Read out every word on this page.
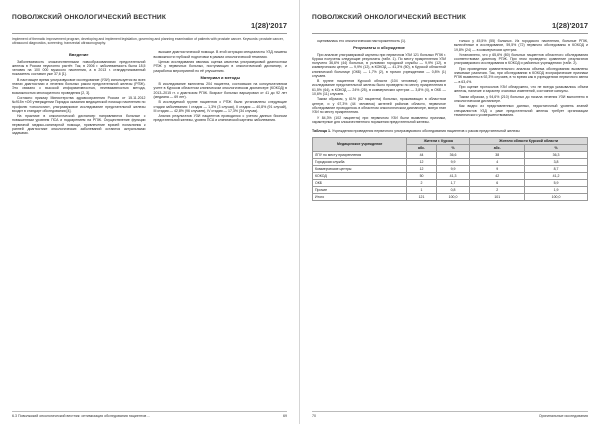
ПОВОЛЖСКИЙ ОНКОЛОГИЧЕСКИЙ ВЕСТНИК
1(28)'2017
implement of thematic improvement program, developing and implement legislation, governing and planning examination of patients with prostate cancer. Keywords: prostate cancer, ultrasound diagnostics, screening, transrectal ultrasonography.
Введение

Заболеваемость злокачественными новообразованиями предстательной железы в России неуклонно растёт. Так, в 2006 г. заболеваемость была 18,5 человек на 100 000 мужского населения, а в 2013 г. стандартизованный показатель составил уже 37,6 [1].

В настоящее время ультразвуковое исследование (УЗИ) используется во всех этапах диагностики и лечения больных раком предстательной железы (РПЖ). Это связано с высокой информативностью, неинвазивностью метода, возможностью многократного проведения [2, 3].

Согласно приказу Министерства здравоохранения России от 15.11.2012 №915н «Об утверждении Порядка оказания медицинской помощи населению по профилю «онкология», ультразвуковое исследование предстательной железы входит в стандарт обследования [4].

На практике в онкологической диспансер направляются больные с повышенным уровнем ПСА и подозрением на РПЖ. Осуществление функции первичной медико-санитарной помощи, привлечение врачей поликлиник к ранней диагностике онкологических заболеваний остаются актуальными задачами.

высшие диагностической помощи. В этой ситуации специалисты УЗД лишены возможности глубокой подготовки в рамках онкологической тематики.

Целью исследования явилась оценка качества ультразвуковой диагностики РПЖ у первичных больных, поступающих в онкологический диспансер, и разработка мероприятий по её улучшению.

Материал и методы

В исследование включены 204 пациента, состоявших на консультативном учете в Курском областном клиническом онкологическом диспансере (КОКОД) в 2013–2015 гг. с диагнозом РПЖ. Возраст больных варьировал от 41 до 92 лет (медиана — 69 лет).

В исследуемой группе пациентов с РПЖ были установлены следующие стадии заболевания: I стадия — 1,3% (3 случая), II стадия — 40,8% (91 случай), III стадия — 42,8% (96 случаев), IV стадия — 17,3% (34 случая).

Анализ результатов УЗИ пациентов проводился с учетом данных биопсии предстательной железы, уровня ПСА и клинической картины заболевания.

6.3 Поволжский онкологический вестник: оптимизация обследования пациентов ...	69
ПОВОЛЖСКИЙ ОНКОЛОГИЧЕСКИЙ ВЕСТНИК
1(28)'2017

оценивалась его онкологическая настороженность (1).

Результаты и обсуждение

При анализе ультразвуковой картины при первичном УЗИ 121 больных РПЖ г. Курска получены следующие результаты (табл. 1). По месту прикрепления УЗИ получено 36,6% (44) больных, в условиях городской службы — 9,9% (12), в коммерческом центре — 9,9% (12), в КОКОД — 41,3% (50), в Курской областной клинической больнице (ОКБ) — 1,7% (2), в прочих учреждениях — 0,8% (1) случаев.

В группе пациентов Курской области (104 человека) ультразвуковое исследование предстательной железы было проведено по месту прикрепления в 61,5% (64), в КОКОД — 24% (25), в коммерческих центрах — 3,8% (4), в ОКБ — 10,6% (11) случаев.

Таким образом, у 61% (62 пациента) больных, проживающих в областном центре, и у 67,3% (44 человека) жителей районов области, первичное обследование проводилось в областном онкологическом диспансере, минуя этап УЗИ по месту прикрепления.

У 84,3% (102 пациента) при первичном УЗИ были выявлены признаки, характерные для злокачественного поражения предстательной железы.

только у 45,5% (55) больных. Из городского населения, больные РПЖ, включённые в исследование, 59,5% (72) первично обследованы в КОКОД и 19,8% (24) — в коммерческих центрах.

Установлено, что у 65,6% (80) больных пациентов областного обследования соответствовал диагнозу РПЖ. При этом проведено сравнение результатов ультразвукового исследования в КОКОД и районных учреждениях (табл. 2).

При проведении сравнительного анализа объема обследования выявлены значимые различия. Так, при обследовании в КОКОД эхографические признаки РПЖ выявлены в 92,3% случаев, в то время как в учреждениях первичного звена — в 63,4%.

При оценке протоколов УЗИ обнаружено, что не всегда указывались объем железы, наличие и характер очаговых изменений, состояние капсулы.

Таким образом, у 94,6% (210) больных до начала лечения УЗИ выполнено в онкологическом диспансере.

Как видно из представленных данных, недостаточный уровень знаний специалистов УЗД о раке предстательной железы требует организации тематического усовершенствования.

Таблица 1. Учреждения проведения первичного ультразвукового обследования пациентов с раком предстательной железы
Медицинское учреждение	Жители г. Курска		Жители области Курской области	
	абс.	%	абс.	%
ЛПУ по месту прикрепления	44	36,6	38	36,3
Городская служба	12	9,9	4	3,8
Коммерческие центры	12	9,9	9	8,7
КОКОД	50	41,3	42	41,2
ОКБ	2	1,7	6	5,9
Прочие	1	0,8	2	1,9
Итого	121	100,0	101	100,0
70	Оригинальные исследования
